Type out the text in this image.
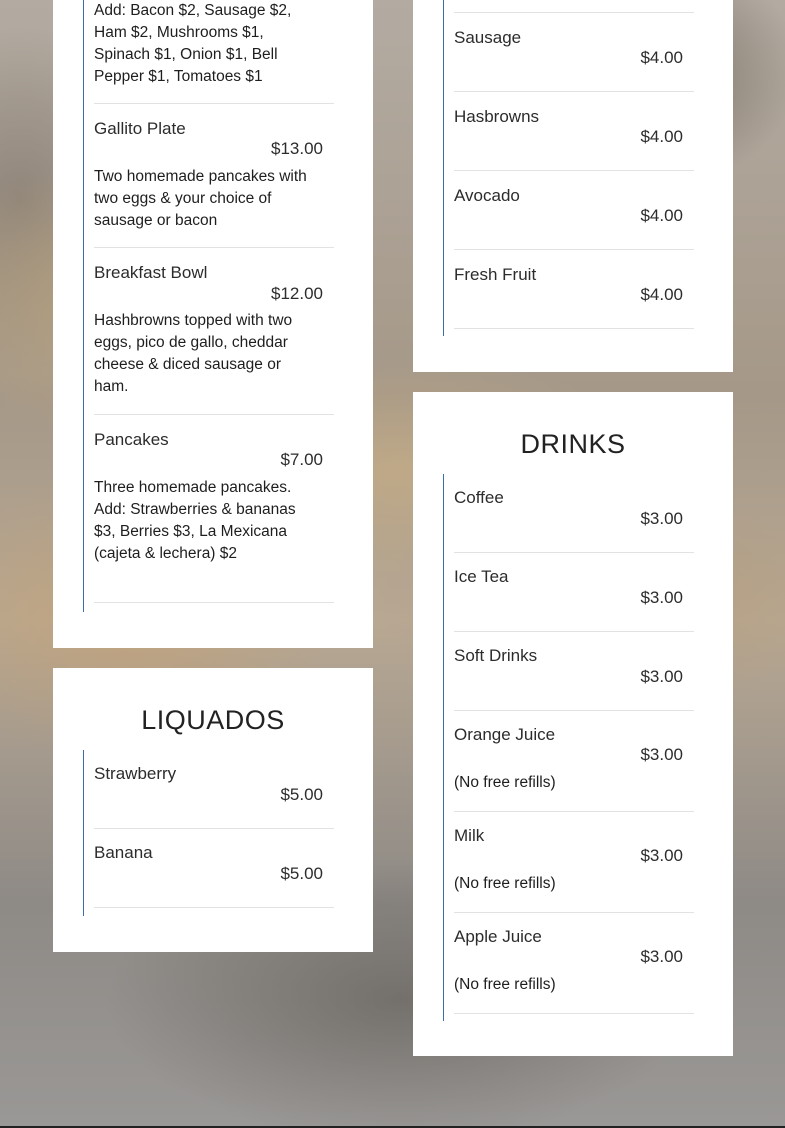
Add: Bacon $2, Sausage $2, Ham $2, Mushrooms $1, Spinach $1, Onion $1, Bell Pepper $1, Tomatoes $1
Gallito Plate
$13.00
Two homemade pancakes with two eggs & your choice of sausage or bacon
Breakfast Bowl
$12.00
Hashbrowns topped with two eggs, pico de gallo, cheddar cheese & diced sausage or ham.
Pancakes
$7.00
Three homemade pancakes. Add: Strawberries & bananas $3, Berries $3, La Mexicana (cajeta & lechera) $2
LIQUADOS
Strawberry
$5.00
Banana
$5.00
Sausage
$4.00
Hasbrowns
$4.00
Avocado
$4.00
Fresh Fruit
$4.00
DRINKS
Coffee
$3.00
Ice Tea
$3.00
Soft Drinks
$3.00
Orange Juice
$3.00
(No free refills)
Milk
$3.00
(No free refills)
Apple Juice
$3.00
(No free refills)
